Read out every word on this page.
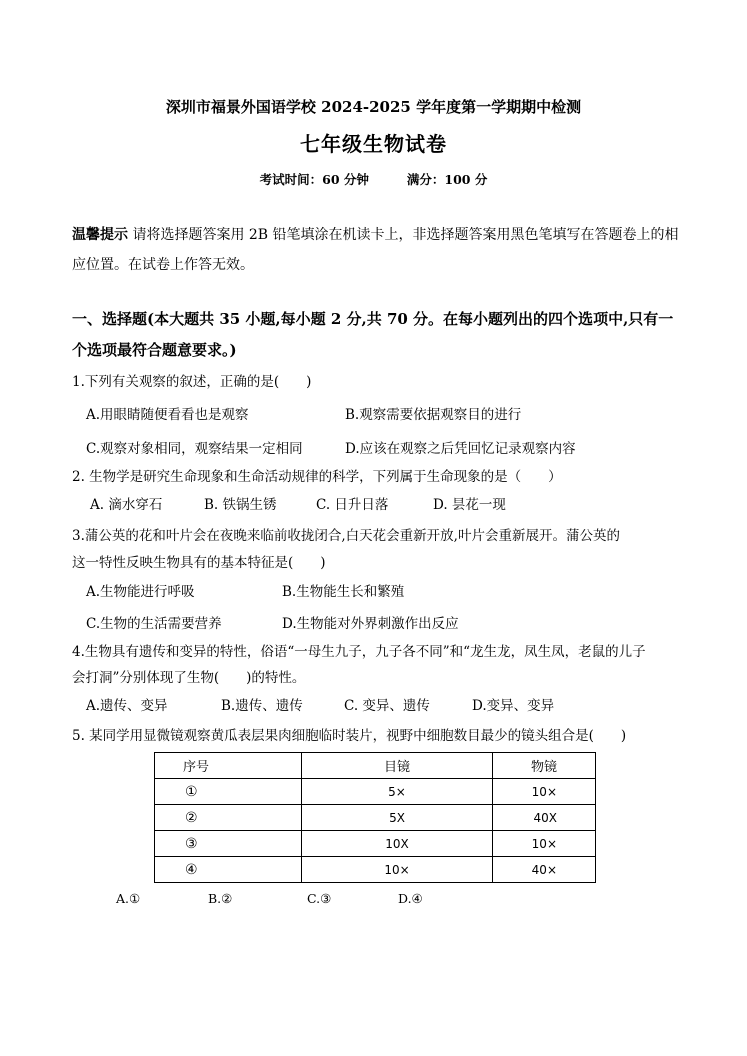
深圳市福景外国语学校 2024-2025 学年度第一学期期中检测
七年级生物试卷
考试时间：60 分钟	满分：100 分
温馨提示 请将选择题答案用 2B 铅笔填涂在机读卡上，非选择题答案用黑色笔填写在答题卷上的相应位置。在试卷上作答无效。
一、选择题(本大题共 35 小题,每小题 2 分,共 70 分。在每小题列出的四个选项中,只有一个选项最符合题意要求。)
1.下列有关观察的叙述，正确的是(　　)
A.用眼睛随便看看也是观察	B.观察需要依据观察目的进行
C.观察对象相同，观察结果一定相同	D.应该在观察之后凭回忆记录观察内容
2. 生物学是研究生命现象和生命活动规律的科学，下列属于生命现象的是（　　）
A. 滴水穿石	B. 铁锅生锈	C. 日升日落	D. 昙花一现
3.蒲公英的花和叶片会在夜晚来临前收拢闭合,白天花会重新开放,叶片会重新展开。蒲公英的
这一特性反映生物具有的基本特征是(　　)
A.生物能进行呼吸	B.生物能生长和繁殖
C.生物的生活需要营养	D.生物能对外界刺激作出反应
4.生物具有遗传和变异的特性，俗语“一母生九子，九子各不同”和“龙生龙，凤生凤，老鼠的儿子
会打洞”分别体现了生物(　　)的特性。
A.遗传、变异	B.遗传、遗传	C. 变异、遗传	D.变异、变异
5. 某同学用显微镜观察黄瓜表层果肉细胞临时装片，视野中细胞数目最少的镜头组合是(　　)
序号	目镜	物镜
①	5×	10×
②	5X	40X
③	10X	10×
④	10×	40×
A.①	B.②	C.③	D.④
